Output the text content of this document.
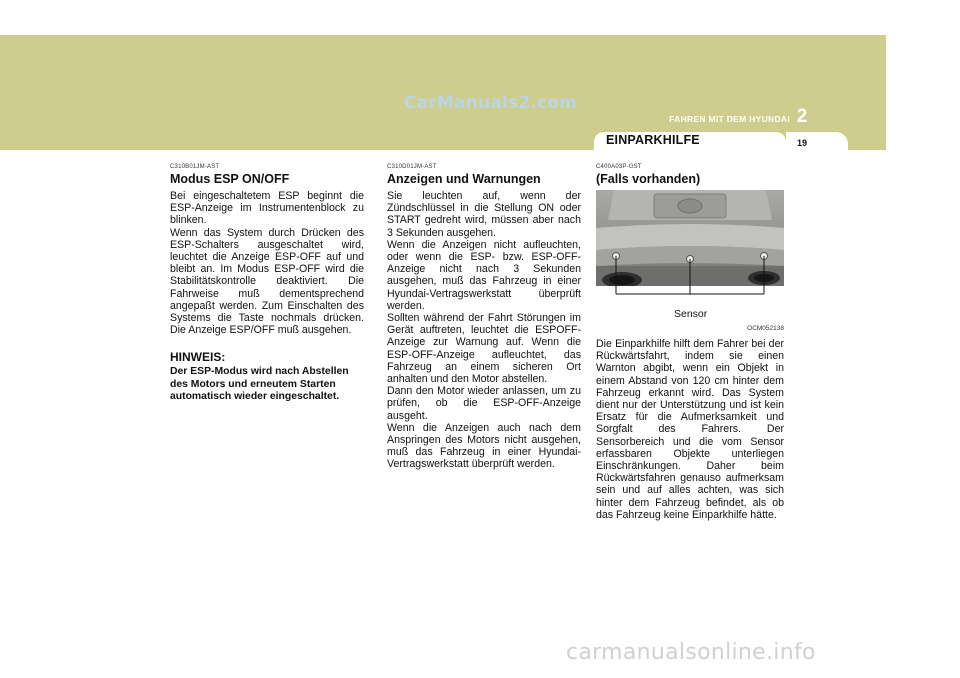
CarManuals2.com
FAHREN MIT DEM HYUNDAI 2
EINPARKHILFE	19

C310B01JM-AST

Modus ESP ON/OFF

Bei eingeschaltetem ESP beginnt die ESP-Anzeige im Instrumentenblock zu blinken.
Wenn das System durch Drücken des ESP-Schalters ausgeschaltet wird, leuchtet die Anzeige ESP-OFF auf und bleibt an. Im Modus ESP-OFF wird die Stabilitätskontrolle deaktiviert. Die Fahrweise muß dementsprechend angepaßt werden. Zum Einschalten des Systems die Taste nochmals drücken. Die Anzeige ESP/OFF muß ausgehen.

HINWEIS:

Der ESP-Modus wird nach Abstellen des Motors und erneutem Starten automatisch wieder eingeschaltet.

C310D01JM-AST

Anzeigen und Warnungen

Sie leuchten auf, wenn der Zündschlüssel in die Stellung ON oder START gedreht wird, müssen aber nach 3 Sekunden ausgehen.
Wenn die Anzeigen nicht aufleuchten, oder wenn die ESP- bzw. ESP-OFF-Anzeige nicht nach 3 Sekunden ausgehen, muß das Fahrzeug in einer Hyundai-Vertragswerkstatt überprüft werden.
Sollten während der Fahrt Störungen im Gerät auftreten, leuchtet die ESPOFF-Anzeige zur Warnung auf. Wenn die ESP-OFF-Anzeige aufleuchtet, das Fahrzeug an einem sicheren Ort anhalten und den Motor abstellen.
Dann den Motor wieder anlassen, um zu prüfen, ob die ESP-OFF-Anzeige ausgeht.
Wenn die Anzeigen auch nach dem Anspringen des Motors nicht ausgehen, muß das Fahrzeug in einer Hyundai-Vertragswerkstatt überprüft werden.

C400A03P-GST

(Falls vorhanden)
Sensor
OCM052138

Die Einparkhilfe hilft dem Fahrer bei der Rückwärtsfahrt, indem sie einen Warnton abgibt, wenn ein Objekt in einem Abstand von 120 cm hinter dem Fahrzeug erkannt wird. Das System dient nur der Unterstützung und ist kein Ersatz für die Aufmerksamkeit und Sorgfalt des Fahrers. Der Sensorbereich und die vom Sensor erfassbaren Objekte unterliegen Einschränkungen. Daher beim Rückwärtsfahren genauso aufmerksam sein und auf alles achten, was sich hinter dem Fahrzeug befindet, als ob das Fahrzeug keine Einparkhilfe hätte.

carmanualsonline.info
